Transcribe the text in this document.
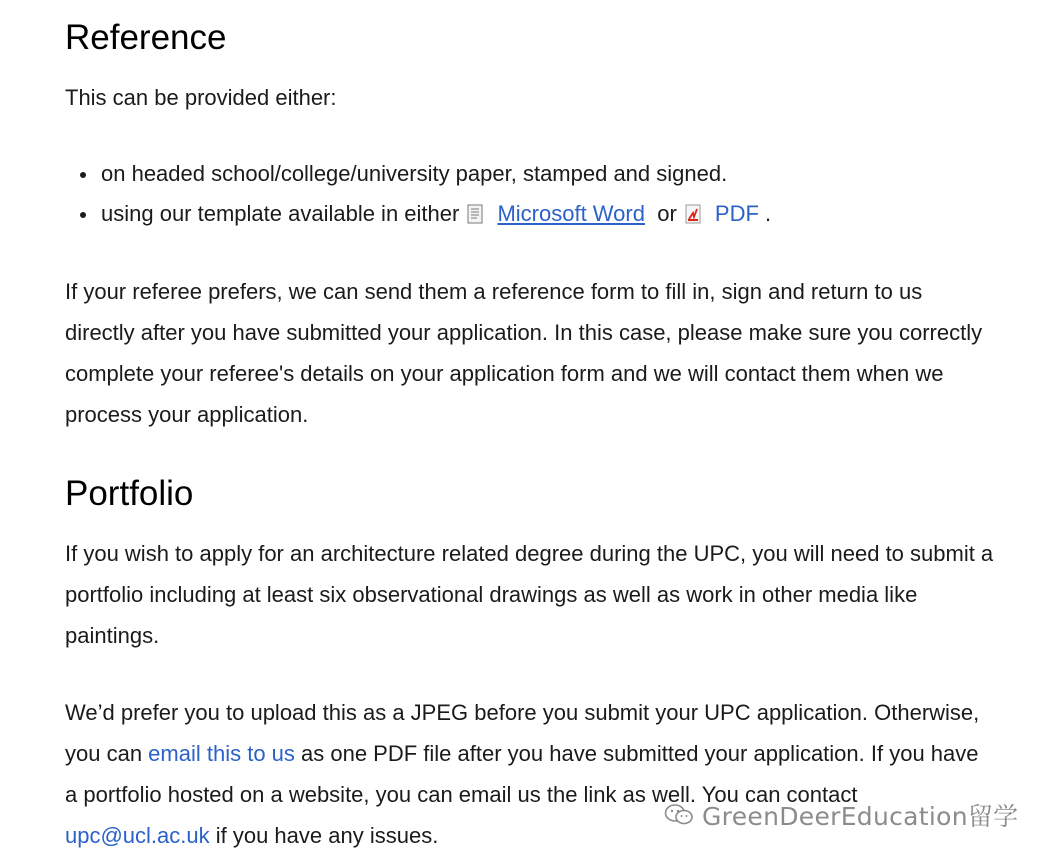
Reference

This can be provided either:

on headed school/college/university paper, stamped and signed.
using our template available in either Microsoft Word or PDF .

If your referee prefers, we can send them a reference form to fill in, sign and return to us directly after you have submitted your application. In this case, please make sure you correctly complete your referee's details on your application form and we will contact them when we process your application.

Portfolio

If you wish to apply for an architecture related degree during the UPC, you will need to submit a portfolio including at least six observational drawings as well as work in other media like paintings.

We’d prefer you to upload this as a JPEG before you submit your UPC application. Otherwise, you can email this to us as one PDF file after you have submitted your application. If you have a portfolio hosted on a website, you can email us the link as well. You can contact upc@ucl.ac.uk if you have any issues.

GreenDeerEducation留学
